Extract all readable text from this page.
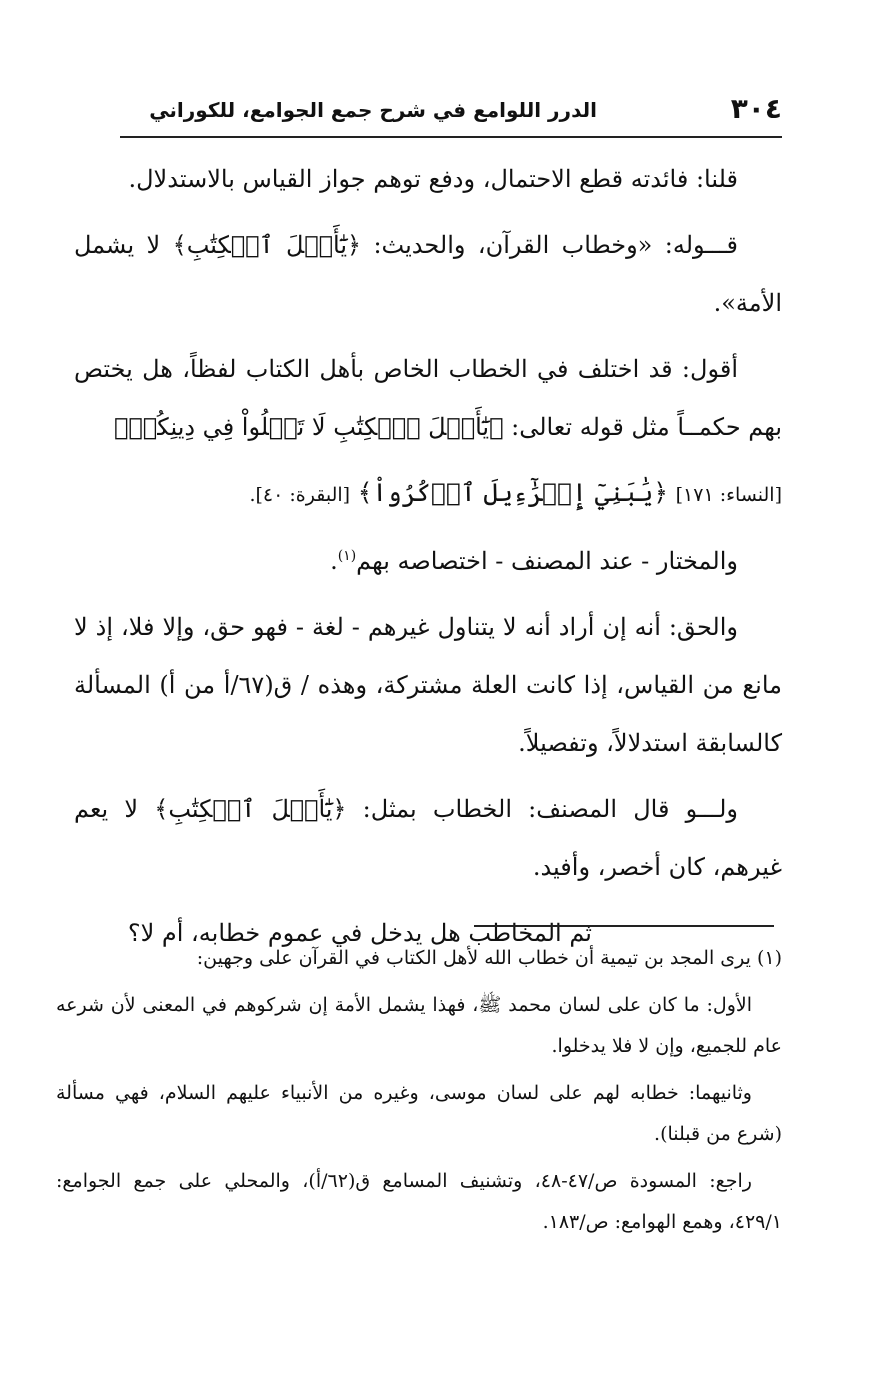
٣٠٤
الدرر اللوامع في شرح جمع الجوامع، للكوراني

قلنا: فائدته قطع الاحتمال، ودفع توهم جواز القياس بالاستدلال.

قـــوله: «وخطاب القرآن، والحديث: ﴿يَٰٓأَهۡلَ ٱلۡكِتَٰبِ﴾ لا يشمل الأمة».

أقول: قد اختلف في الخطاب الخاص بأهل الكتاب لفظاً، هل يختص بهم حكمــاً مثل قوله تعالى: ﴿يَٰٓأَهۡلَ ٱلۡكِتَٰبِ لَا تَغۡلُواْ فِي دِينِكُمۡ﴾

[النساء: ١٧١] ﴿يَٰبَنِيٓ إِسۡرَٰٓءِيلَ ٱذۡكُرُواْ﴾ [البقرة: ٤٠].

والمختار - عند المصنف - اختصاصه بهم$^{(١)}$.

والحق: أنه إن أراد أنه لا يتناول غيرهم - لغة - فهو حق، وإلا فلا، إذ لا مانع من القياس، إذا كانت العلة مشتركة، وهذه / ق(٦٧/أ من أ) المسألة كالسابقة استدلالاً، وتفصيلاً.

ولـــو قال المصنف: الخطاب بمثل: ﴿يَٰٓأَهۡلَ ٱلۡكِتَٰبِ﴾ لا يعم غيرهم، كان أخصر، وأفيد.

ثم المخاطب هل يدخل في عموم خطابه، أم لا؟

(١) يرى المجد بن تيمية أن خطاب الله لأهل الكتاب في القرآن على وجهين:

الأول: ما كان على لسان محمد ﷺ، فهذا يشمل الأمة إن شركوهم في المعنى لأن شرعه عام للجميع، وإن لا فلا يدخلوا.

وثانيهما: خطابه لهم على لسان موسى، وغيره من الأنبياء عليهم السلام، فهي مسألة (شرع من قبلنا).

راجع: المسودة ص/٤٧-٤٨، وتشنيف المسامع ق(٦٢/أ)، والمحلي على جمع الجوامع: ٤٢٩/١، وهمع الهوامع: ص/١٨٣.
